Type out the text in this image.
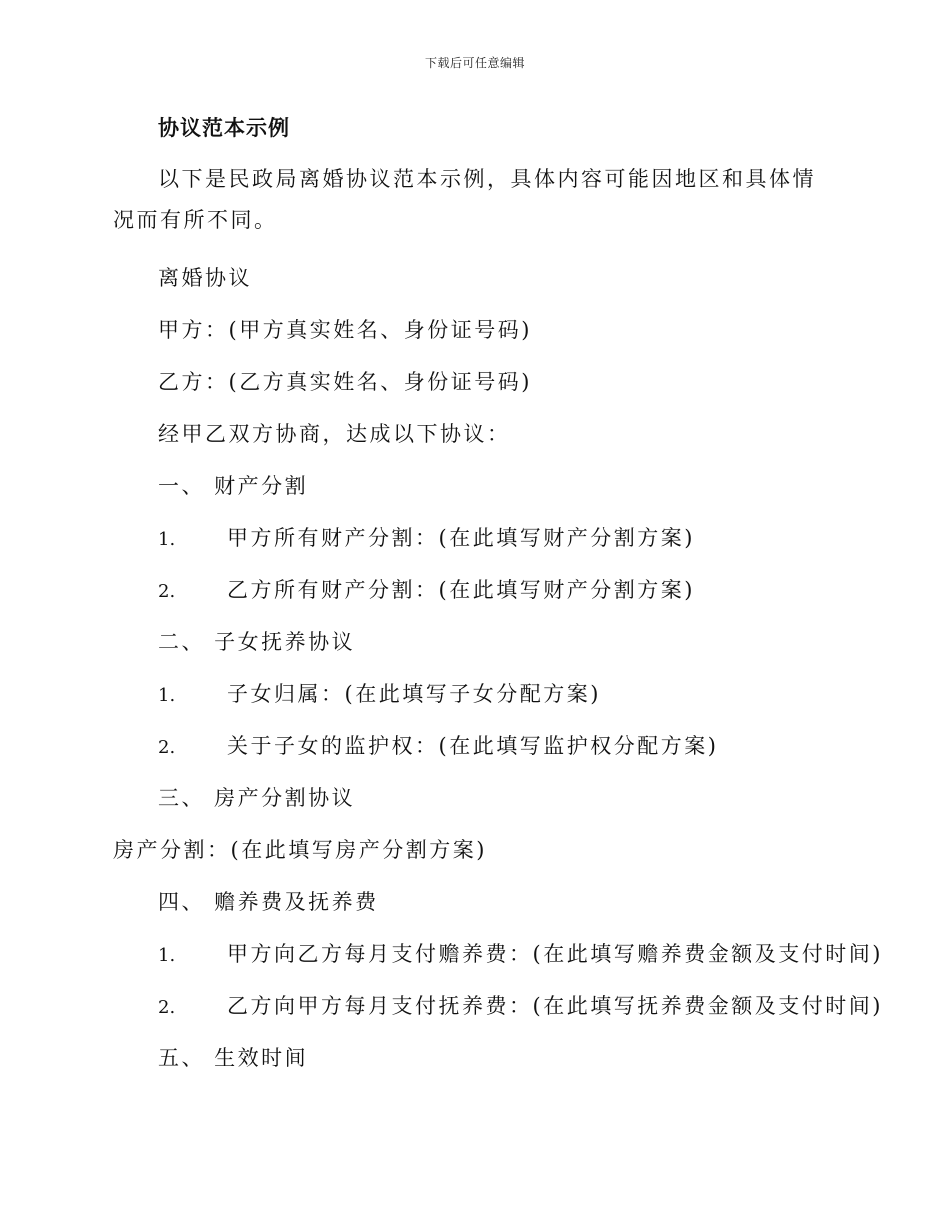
下载后可任意编辑
协议范本示例
以下是民政局离婚协议范本示例，具体内容可能因地区和具体情况而有所不同。
离婚协议
甲方：(甲方真实姓名、身份证号码)
乙方：(乙方真实姓名、身份证号码)
经甲乙双方协商，达成以下协议：
一、 财产分割
1. 甲方所有财产分割：(在此填写财产分割方案)
2. 乙方所有财产分割：(在此填写财产分割方案)
二、 子女抚养协议
1. 子女归属：(在此填写子女分配方案)
2. 关于子女的监护权：(在此填写监护权分配方案)
三、 房产分割协议
房产分割：(在此填写房产分割方案)
四、 赡养费及抚养费
1. 甲方向乙方每月支付赡养费：(在此填写赡养费金额及支付时间)
2. 乙方向甲方每月支付抚养费：(在此填写抚养费金额及支付时间)
五、 生效时间
